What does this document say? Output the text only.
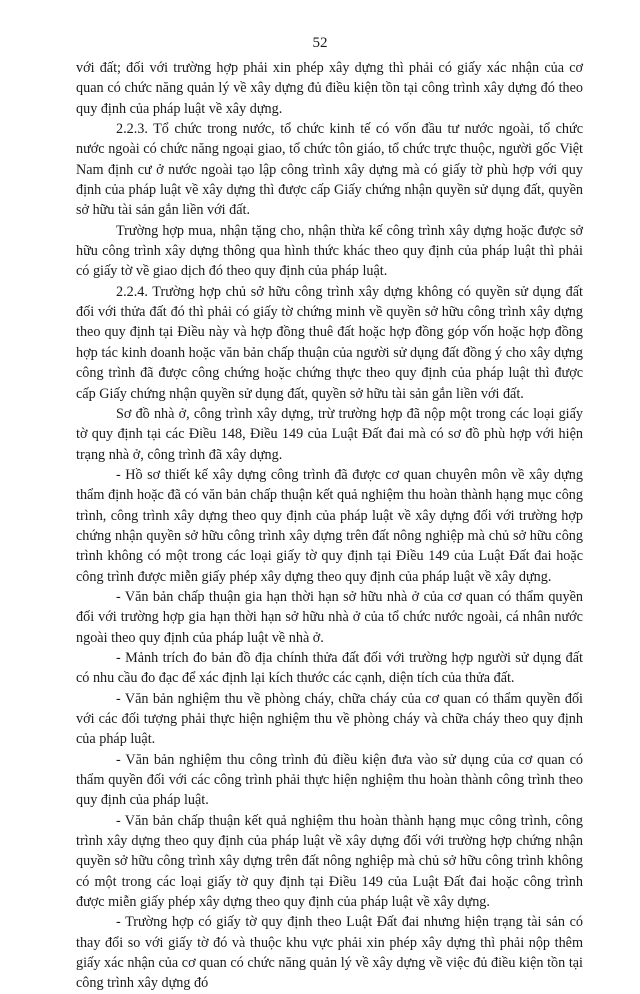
52

với đất; đối với trường hợp phải xin phép xây dựng thì phải có giấy xác nhận của cơ quan có chức năng quản lý về xây dựng đủ điều kiện tồn tại công trình xây dựng đó theo quy định của pháp luật về xây dựng.

2.2.3. Tổ chức trong nước, tổ chức kinh tế có vốn đầu tư nước ngoài, tổ chức nước ngoài có chức năng ngoại giao, tổ chức tôn giáo, tổ chức trực thuộc, người gốc Việt Nam định cư ở nước ngoài tạo lập công trình xây dựng mà có giấy tờ phù hợp với quy định của pháp luật về xây dựng thì được cấp Giấy chứng nhận quyền sử dụng đất, quyền sở hữu tài sản gắn liền với đất.

Trường hợp mua, nhận tặng cho, nhận thừa kế công trình xây dựng hoặc được sở hữu công trình xây dựng thông qua hình thức khác theo quy định của pháp luật thì phải có giấy tờ về giao dịch đó theo quy định của pháp luật.

2.2.4. Trường hợp chủ sở hữu công trình xây dựng không có quyền sử dụng đất đối với thửa đất đó thì phải có giấy tờ chứng minh về quyền sở hữu công trình xây dựng theo quy định tại Điều này và hợp đồng thuê đất hoặc hợp đồng góp vốn hoặc hợp đồng hợp tác kinh doanh hoặc văn bản chấp thuận của người sử dụng đất đồng ý cho xây dựng công trình đã được công chứng hoặc chứng thực theo quy định của pháp luật thì được cấp Giấy chứng nhận quyền sử dụng đất, quyền sở hữu tài sản gắn liền với đất.

Sơ đồ nhà ở, công trình xây dựng, trừ trường hợp đã nộp một trong các loại giấy tờ quy định tại các Điều 148, Điều 149 của Luật Đất đai mà có sơ đồ phù hợp với hiện trạng nhà ở, công trình đã xây dựng.

- Hồ sơ thiết kế xây dựng công trình đã được cơ quan chuyên môn về xây dựng thẩm định hoặc đã có văn bản chấp thuận kết quả nghiệm thu hoàn thành hạng mục công trình, công trình xây dựng theo quy định của pháp luật về xây dựng đối với trường hợp chứng nhận quyền sở hữu công trình xây dựng trên đất nông nghiệp mà chủ sở hữu công trình không có một trong các loại giấy tờ quy định tại Điều 149 của Luật Đất đai hoặc công trình được miễn giấy phép xây dựng theo quy định của pháp luật về xây dựng.

- Văn bản chấp thuận gia hạn thời hạn sở hữu nhà ở của cơ quan có thẩm quyền đối với trường hợp gia hạn thời hạn sở hữu nhà ở của tổ chức nước ngoài, cá nhân nước ngoài theo quy định của pháp luật về nhà ở.

- Mảnh trích đo bản đồ địa chính thửa đất đối với trường hợp người sử dụng đất có nhu cầu đo đạc để xác định lại kích thước các cạnh, diện tích của thửa đất.

- Văn bản nghiệm thu về phòng cháy, chữa cháy của cơ quan có thẩm quyền đối với các đối tượng phải thực hiện nghiệm thu về phòng cháy và chữa cháy theo quy định của pháp luật.

- Văn bản nghiệm thu công trình đủ điều kiện đưa vào sử dụng của cơ quan có thẩm quyền đối với các công trình phải thực hiện nghiệm thu hoàn thành công trình theo quy định của pháp luật.

- Văn bản chấp thuận kết quả nghiệm thu hoàn thành hạng mục công trình, công trình xây dựng theo quy định của pháp luật về xây dựng đối với trường hợp chứng nhận quyền sở hữu công trình xây dựng trên đất nông nghiệp mà chủ sở hữu công trình không có một trong các loại giấy tờ quy định tại Điều 149 của Luật Đất đai hoặc công trình được miễn giấy phép xây dựng theo quy định của pháp luật về xây dựng.

- Trường hợp có giấy tờ quy định theo Luật Đất đai nhưng hiện trạng tài sản có thay đổi so với giấy tờ đó và thuộc khu vực phải xin phép xây dựng thì phải nộp thêm giấy xác nhận của cơ quan có chức năng quản lý về xây dựng về việc đủ điều kiện tồn tại công trình xây dựng đó
